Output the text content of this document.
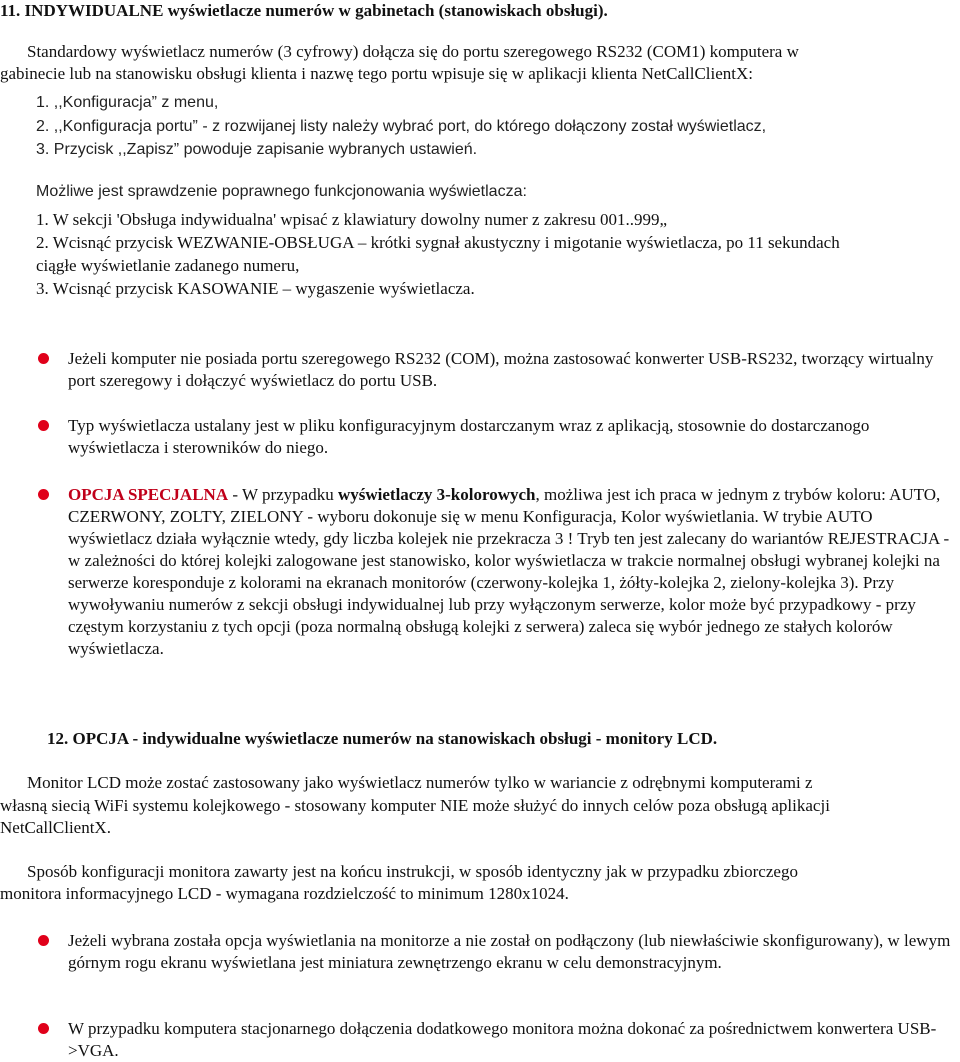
11. INDYWIDUALNE wyświetlacze numerów w gabinetach (stanowiskach obsługi).
Standardowy wyświetlacz numerów (3 cyfrowy) dołącza się do portu szeregowego RS232 (COM1) komputera w
gabinecie lub na stanowisku obsługi klienta i nazwę tego portu wpisuje się w aplikacji klienta NetCallClientX:
1. ,,Konfiguracja” z menu,
2. ,,Konfiguracja portu” - z rozwijanej listy należy wybrać port, do którego dołączony został wyświetlacz,
3. Przycisk ,,Zapisz” powoduje zapisanie wybranych ustawień.
Możliwe jest sprawdzenie poprawnego funkcjonowania wyświetlacza:
1. W sekcji 'Obsługa indywidualna' wpisać z klawiatury dowolny numer z zakresu 001..999„
2. Wcisnąć przycisk WEZWANIE-OBSŁUGA – krótki sygnał akustyczny i migotanie wyświetlacza, po 11 sekundach
ciągłe wyświetlanie zadanego numeru,
3. Wcisnąć przycisk KASOWANIE – wygaszenie wyświetlacza.
Jeżeli komputer nie posiada portu szeregowego RS232 (COM), można zastosować konwerter USB-RS232, tworzący wirtualny port szeregowy i dołączyć wyświetlacz do portu USB.
Typ wyświetlacza ustalany jest w pliku konfiguracyjnym dostarczanym wraz z aplikacją, stosownie do dostarczanogo wyświetlacza i sterowników do niego.
OPCJA SPECJALNA - W przypadku wyświetlaczy 3-kolorowych, możliwa jest ich praca w jednym z trybów koloru: AUTO, CZERWONY, ZOLTY, ZIELONY - wyboru dokonuje się w menu Konfiguracja, Kolor wyświetlania. W trybie AUTO wyświetlacz działa wyłącznie wtedy, gdy liczba kolejek nie przekracza 3 ! Tryb ten jest zalecany do wariantów REJESTRACJA - w zależności do której kolejki zalogowane jest stanowisko, kolor wyświetlacza w trakcie normalnej obsługi wybranej kolejki na serwerze koresponduje z kolorami na ekranach monitorów (czerwony-kolejka 1, żółty-kolejka 2, zielony-kolejka 3). Przy wywoływaniu numerów z sekcji obsługi indywidualnej lub przy wyłączonym serwerze, kolor może być przypadkowy - przy częstym korzystaniu z tych opcji (poza normalną obsługą kolejki z serwera) zaleca się wybór jednego ze stałych kolorów wyświetlacza.
12. OPCJA - indywidualne wyświetlacze numerów na stanowiskach obsługi - monitory LCD.
Monitor LCD może zostać zastosowany jako wyświetlacz numerów tylko w wariancie z odrębnymi komputerami z
własną siecią WiFi systemu kolejkowego - stosowany komputer NIE może służyć do innych celów poza obsługą aplikacji
NetCallClientX.
Sposób konfiguracji monitora zawarty jest na końcu instrukcji, w sposób identyczny jak w przypadku zbiorczego
monitora informacyjnego LCD - wymagana rozdzielczość to minimum 1280x1024.
Jeżeli wybrana została opcja wyświetlania na monitorze a nie został on podłączony (lub niewłaściwie skonfigurowany), w lewym górnym rogu ekranu wyświetlana jest miniatura zewnętrzengo ekranu w celu demonstracyjnym.
W przypadku komputera stacjonarnego dołączenia dodatkowego monitora można dokonać za pośrednictwem konwertera USB->VGA.
